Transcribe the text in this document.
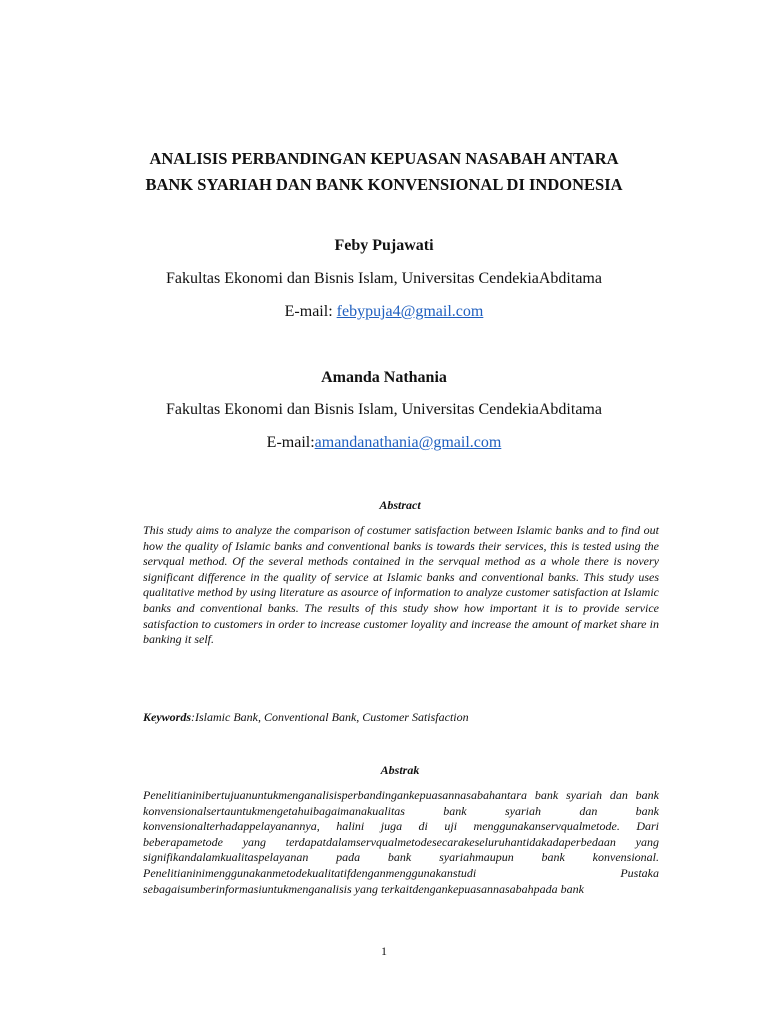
ANALISIS PERBANDINGAN KEPUASAN NASABAH ANTARA
BANK SYARIAH DAN BANK KONVENSIONAL DI INDONESIA

Feby Pujawati

Fakultas Ekonomi dan Bisnis Islam, Universitas CendekiaAbditama

E-mail: febypuja4@gmail.com

Amanda Nathania

Fakultas Ekonomi dan Bisnis Islam, Universitas CendekiaAbditama

E-mail:amandanathania@gmail.com

Abstract

This study aims to analyze the comparison of costumer satisfaction between Islamic banks and to find out how the quality of Islamic banks and conventional banks is towards their services, this is tested using the servqual method. Of the several methods contained in the servqual method as a whole there is novery significant difference in the quality of service at Islamic banks and conventional banks. This study uses qualitative method by using literature as asource of information to analyze customer satisfaction at Islamic banks and conventional banks. The results of this study show how important it is to provide service satisfaction to customers in order to increase customer loyality and increase the amount of market share in banking it self.

Keywords:Islamic Bank, Conventional Bank, Customer Satisfaction

Abstrak

Penelitianinibertujuanuntukmenganalisisperbandingankepuasannasabahantara bank syariah dan bank konvensionalsertauntukmengetahuibagaimanakualitas bank syariah dan bank konvensionalterhadappelayanannya, halini juga di uji menggunakanservqualmetode. Dari beberapametode yang terdapatdalamservqualmetodesecarakeseluruhantidakadaperbedaan yang signifikandalamkualitaspelayanan pada bank syariahmaupun bank konvensional. Penelitianinimenggunakanmetodekualitatifdenganmenggunakanstudi Pustaka sebagaisumberinformasiuntukmenganalisis yang terkaitdengankepuasannasabahpada bank

1
